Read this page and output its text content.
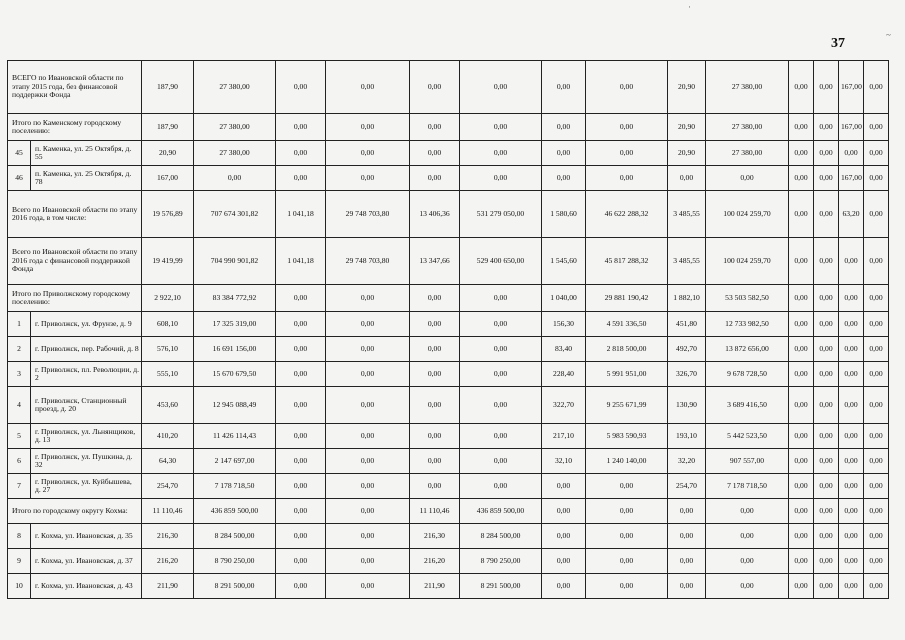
37
·
~
ВСЕГО по Ивановской области по этапу 2015 года, без финансовой поддержки Фонда		187,90	27 380,00	0,00	0,00	0,00	0,00	0,00	0,00	20,90	27 380,00	0,00	0,00	167,00	0,00
Итого по Каменскому городскому поселению:		187,90	27 380,00	0,00	0,00	0,00	0,00	0,00	0,00	20,90	27 380,00	0,00	0,00	167,00	0,00
45	п. Каменка, ул. 25 Октября, д. 55	20,90	27 380,00	0,00	0,00	0,00	0,00	0,00	0,00	20,90	27 380,00	0,00	0,00	0,00	0,00
46	п. Каменка, ул. 25 Октября, д. 78	167,00	0,00	0,00	0,00	0,00	0,00	0,00	0,00	0,00	0,00	0,00	0,00	167,00	0,00
Всего по Ивановской области по этапу 2016 года, в том числе:		19 576,89	707 674 301,82	1 041,18	29 748 703,80	13 406,36	531 279 050,00	1 580,60	46 622 288,32	3 485,55	100 024 259,70	0,00	0,00	63,20	0,00
Всего по Ивановской области по этапу 2016 года с финансовой поддержкой Фонда		19 419,99	704 990 901,82	1 041,18	29 748 703,80	13 347,66	529 400 650,00	1 545,60	45 817 288,32	3 485,55	100 024 259,70	0,00	0,00	0,00	0,00
Итого по Приволжскому городскому поселению:		2 922,10	83 384 772,92	0,00	0,00	0,00	0,00	1 040,00	29 881 190,42	1 882,10	53 503 582,50	0,00	0,00	0,00	0,00
1	г. Приволжск, ул. Фрунзе, д. 9	608,10	17 325 319,00	0,00	0,00	0,00	0,00	156,30	4 591 336,50	451,80	12 733 982,50	0,00	0,00	0,00	0,00
2	г. Приволжск, пер. Рабочий, д. 8	576,10	16 691 156,00	0,00	0,00	0,00	0,00	83,40	2 818 500,00	492,70	13 872 656,00	0,00	0,00	0,00	0,00
3	г. Приволжск, пл. Революции, д. 2	555,10	15 670 679,50	0,00	0,00	0,00	0,00	228,40	5 991 951,00	326,70	9 678 728,50	0,00	0,00	0,00	0,00
4	г. Приволжск, Станционный проезд, д. 20	453,60	12 945 088,49	0,00	0,00	0,00	0,00	322,70	9 255 671,99	130,90	3 689 416,50	0,00	0,00	0,00	0,00
5	г. Приволжск, ул. Льнянщиков, д. 13	410,20	11 426 114,43	0,00	0,00	0,00	0,00	217,10	5 983 590,93	193,10	5 442 523,50	0,00	0,00	0,00	0,00
6	г. Приволжск, ул. Пушкина, д. 32	64,30	2 147 697,00	0,00	0,00	0,00	0,00	32,10	1 240 140,00	32,20	907 557,00	0,00	0,00	0,00	0,00
7	г. Приволжск, ул. Куйбышева, д. 27	254,70	7 178 718,50	0,00	0,00	0,00	0,00	0,00	0,00	254,70	7 178 718,50	0,00	0,00	0,00	0,00
Итого по городскому округу Кохма:		11 110,46	436 859 500,00	0,00	0,00	11 110,46	436 859 500,00	0,00	0,00	0,00	0,00	0,00	0,00	0,00	0,00
8	г. Кохма, ул. Ивановская, д. 35	216,30	8 284 500,00	0,00	0,00	216,30	8 284 500,00	0,00	0,00	0,00	0,00	0,00	0,00	0,00	0,00
9	г. Кохма, ул. Ивановская, д. 37	216,20	8 790 250,00	0,00	0,00	216,20	8 790 250,00	0,00	0,00	0,00	0,00	0,00	0,00	0,00	0,00
10	г. Кохма, ул. Ивановская, д. 43	211,90	8 291 500,00	0,00	0,00	211,90	8 291 500,00	0,00	0,00	0,00	0,00	0,00	0,00	0,00	0,00
